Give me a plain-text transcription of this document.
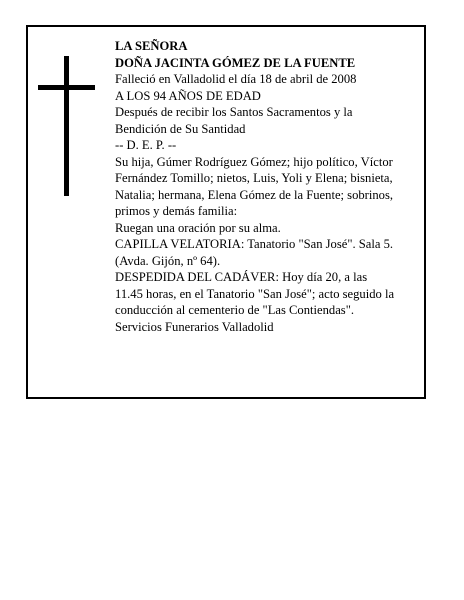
LA SEÑORA
DOÑA JACINTA GÓMEZ DE LA FUENTE
Falleció en Valladolid el día 18 de abril de 2008
A LOS 94 AÑOS DE EDAD
Después de recibir los Santos Sacramentos y la
Bendición de Su Santidad
-- D. E. P. --
Su hija, Gúmer Rodríguez Gómez; hijo político, Víctor
Fernández Tomillo; nietos, Luis, Yoli y Elena; bisnieta,
Natalia; hermana, Elena Gómez de la Fuente; sobrinos,
primos y demás familia:
Ruegan una oración por su alma.
CAPILLA VELATORIA: Tanatorio "San José". Sala 5.
(Avda. Gijón, nº 64).
DESPEDIDA DEL CADÁVER: Hoy día 20, a las
11.45 horas, en el Tanatorio "San José"; acto seguido la
conducción al cementerio de "Las Contiendas".
Servicios Funerarios Valladolid
